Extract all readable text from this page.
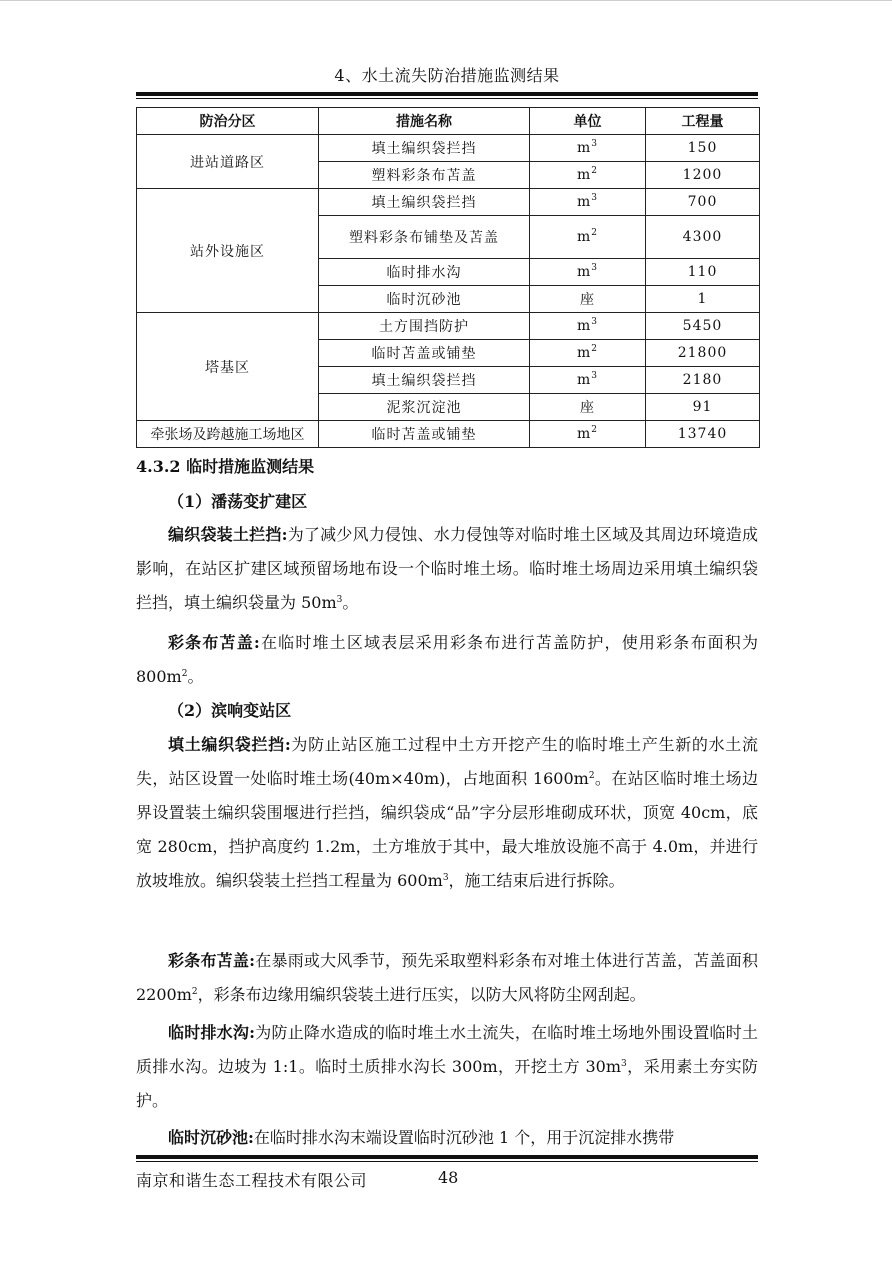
4、水土流失防治措施监测结果
防治分区	措施名称	单位	工程量
进站道路区	填土编织袋拦挡	$m^3$	150
	塑料彩条布苫盖	$m^2$	1200
站外设施区	填土编织袋拦挡	$m^3$	700
	塑料彩条布铺垫及苫盖	$m^2$	4300
	临时排水沟	$m^3$	110
	临时沉砂池	座	1
塔基区	土方围挡防护	$m^3$	5450
	临时苫盖或铺垫	$m^2$	21800
	填土编织袋拦挡	$m^3$	2180
	泥浆沉淀池	座	91
牵张场及跨越施工场地区	临时苫盖或铺垫	$m^2$	13740
4.3.2 临时措施监测结果
（1）潘荡变扩建区

编织袋装土拦挡:为了减少风力侵蚀、水力侵蚀等对临时堆土区域及其周边环境造成影响，在站区扩建区域预留场地布设一个临时堆土场。临时堆土场周边采用填土编织袋拦挡，填土编织袋量为 $50m^3$。

彩条布苫盖:在临时堆土区域表层采用彩条布进行苫盖防护，使用彩条布面积为 $800m^2$。

（2）滨响变站区

填土编织袋拦挡:为防止站区施工过程中土方开挖产生的临时堆土产生新的水土流失，站区设置一处临时堆土场(40m×40m)，占地面积 $1600m^2$。在站区临时堆土场边界设置装土编织袋围堰进行拦挡，编织袋成“品”字分层形堆砌成环状，顶宽 40cm，底宽 280cm，挡护高度约 1.2m，土方堆放于其中，最大堆放设施不高于 4.0m，并进行放坡堆放。编织袋装土拦挡工程量为 $600m^3$，施工结束后进行拆除。

彩条布苫盖:在暴雨或大风季节，预先采取塑料彩条布对堆土体进行苫盖，苫盖面积 $2200m^2$，彩条布边缘用编织袋装土进行压实，以防大风将防尘网刮起。

临时排水沟:为防止降水造成的临时堆土水土流失，在临时堆土场地外围设置临时土质排水沟。边坡为 1:1。临时土质排水沟长 300m，开挖土方 $30m^3$，采用素土夯实防护。

临时沉砂池:在临时排水沟末端设置临时沉砂池 1 个，用于沉淀排水携带

南京和谐生态工程技术有限公司	48
